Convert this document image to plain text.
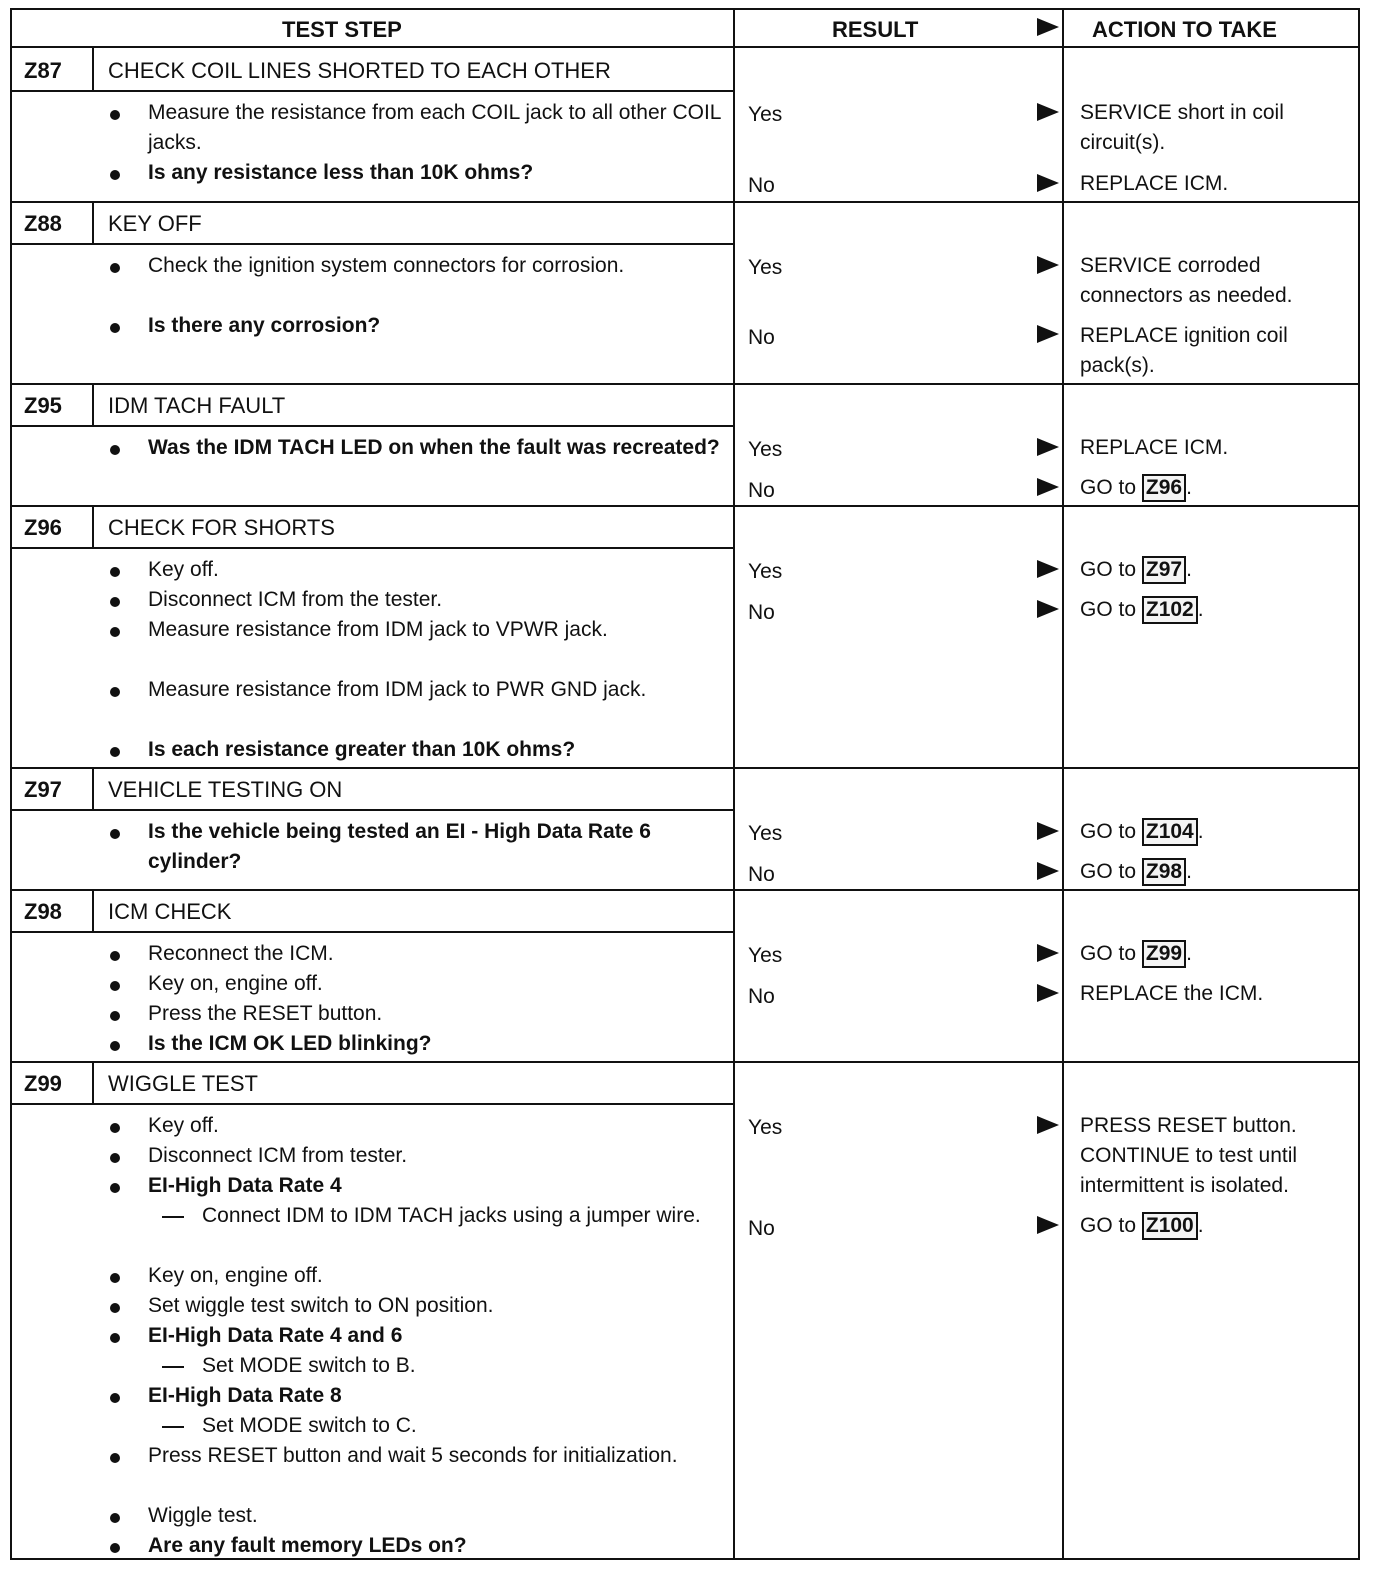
TEST STEP	RESULT	ACTION TO TAKE
Z87 CHECK COIL LINES SHORTED TO EACH OTHER
Measure the resistance from each COIL jack to all other COIL jacks.
Is any resistance less than 10K ohms?
Yes	SERVICE short in coil circuit(s).
No	REPLACE ICM.
Z88 KEY OFF
Check the ignition system connectors for corrosion.
Is there any corrosion?
Yes	SERVICE corroded connectors as needed.
No	REPLACE ignition coil pack(s).
Z95 IDM TACH FAULT
Was the IDM TACH LED on when the fault was recreated?	Yes	REPLACE ICM.
No	GO to Z96 .
Z96 CHECK FOR SHORTS
Key off.
Disconnect ICM from the tester.
Measure resistance from IDM jack to VPWR jack.
Measure resistance from IDM jack to PWR GND jack.
Is each resistance greater than 10K ohms?
Yes	GO to Z97 .
No	GO to Z102 .
Z97 VEHICLE TESTING ON
Is the vehicle being tested an EI - High Data Rate 6 cylinder?
Yes	GO to Z104 .
No	GO to Z98 .
Z98 ICM CHECK
Reconnect the ICM.
Key on, engine off.
Press the RESET button.
Is the ICM OK LED blinking?
Yes	GO to Z99 .
No	REPLACE the ICM.
Z99 WIGGLE TEST
Key off.
Disconnect ICM from tester.
EI-High Data Rate 4
Connect IDM to IDM TACH jacks using a jumper wire.
Key on, engine off.
Set wiggle test switch to ON position.
EI-High Data Rate 4 and 6
Set MODE switch to B.
EI-High Data Rate 8
Set MODE switch to C.
Press RESET button and wait 5 seconds for initialization.
Wiggle test.
Are any fault memory LEDs on?
Yes	PRESS RESET button. CONTINUE to test until intermittent is isolated.
No	GO to Z100 .
